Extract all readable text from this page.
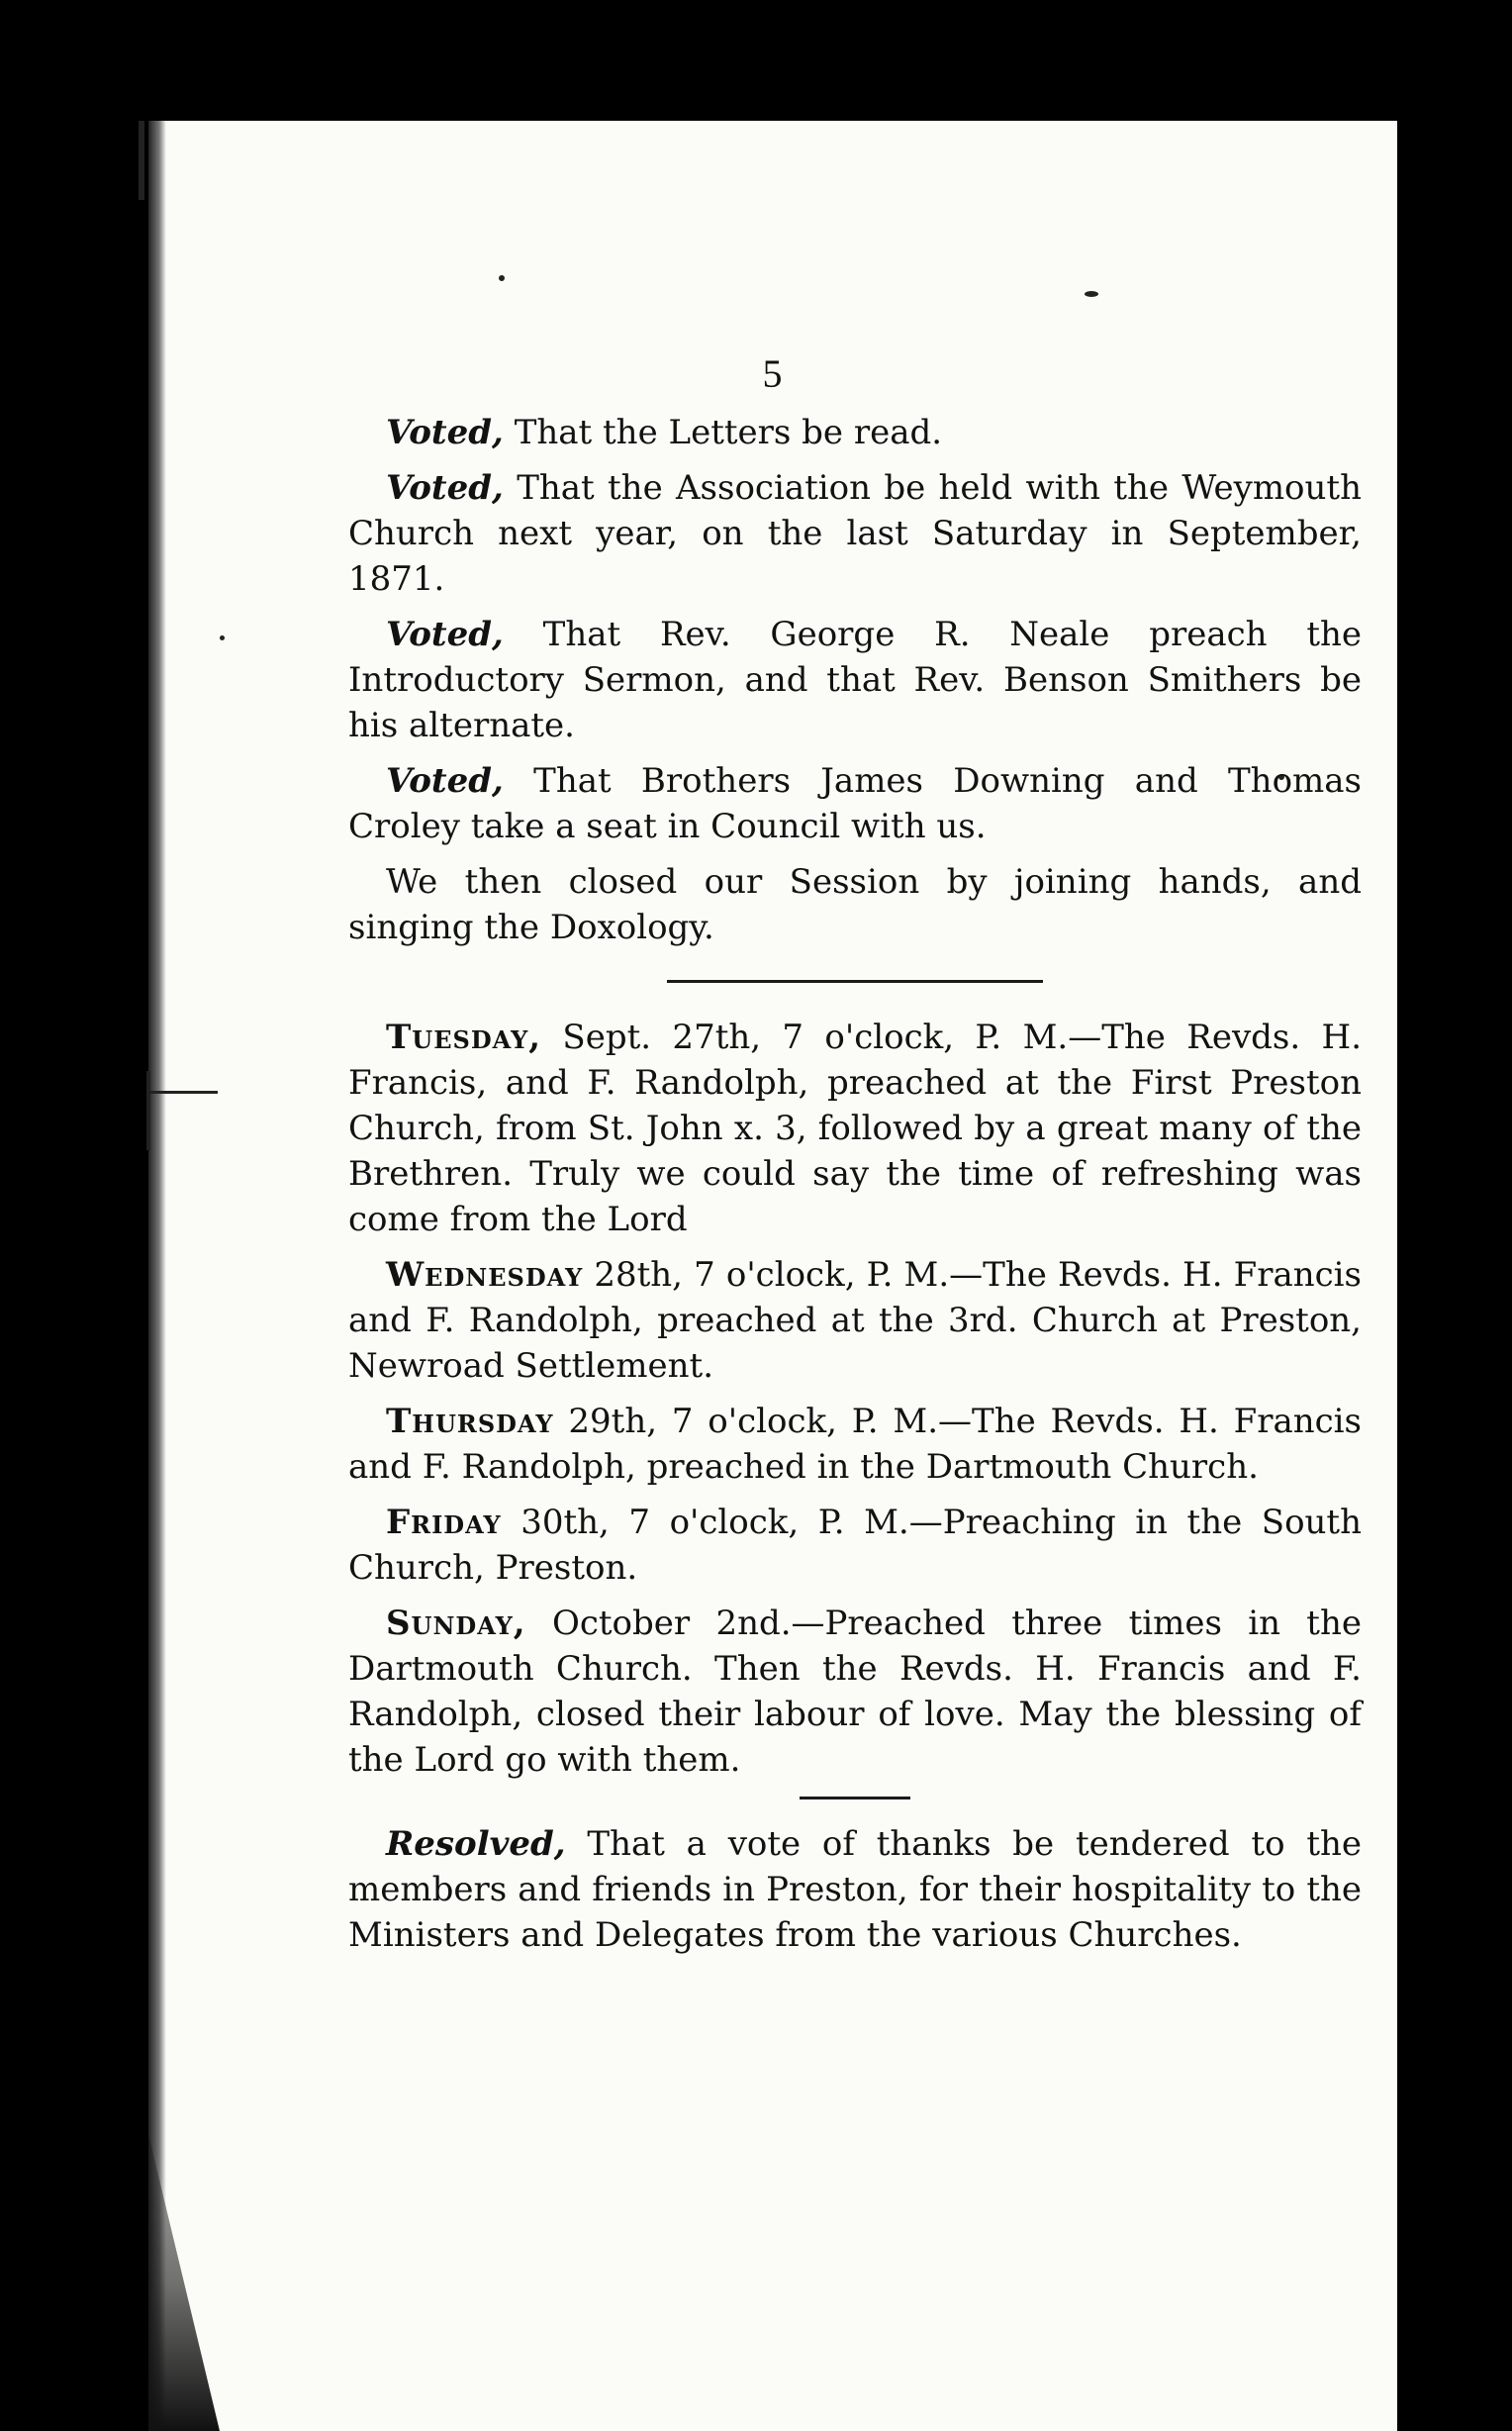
5

Voted, That the Letters be read.

Voted, That the Association be held with the Weymouth Church next year, on the last Saturday in September, 1871.

Voted, That Rev. George R. Neale preach the Introductory Sermon, and that Rev. Benson Smithers be his alternate.

Voted, That Brothers James Downing and Thomas Croley take a seat in Council with us.

We then closed our Session by joining hands, and singing the Doxology.

Tuesday, Sept. 27th, 7 o'clock, P. M.—The Revds. H. Francis, and F. Randolph, preached at the First Preston Church, from St. John x. 3, followed by a great many of the Brethren. Truly we could say the time of refreshing was come from the Lord

Wednesday 28th, 7 o'clock, P. M.—The Revds. H. Francis and F. Randolph, preached at the 3rd. Church at Preston, Newroad Settlement.

Thursday 29th, 7 o'clock, P. M.—The Revds. H. Francis and F. Randolph, preached in the Dartmouth Church.

Friday 30th, 7 o'clock, P. M.—Preaching in the South Church, Preston.

Sunday, October 2nd.—Preached three times in the Dartmouth Church. Then the Revds. H. Francis and F. Randolph, closed their labour of love. May the blessing of the Lord go with them.

Resolved, That a vote of thanks be tendered to the members and friends in Preston, for their hospitality to the Ministers and Delegates from the various Churches.
